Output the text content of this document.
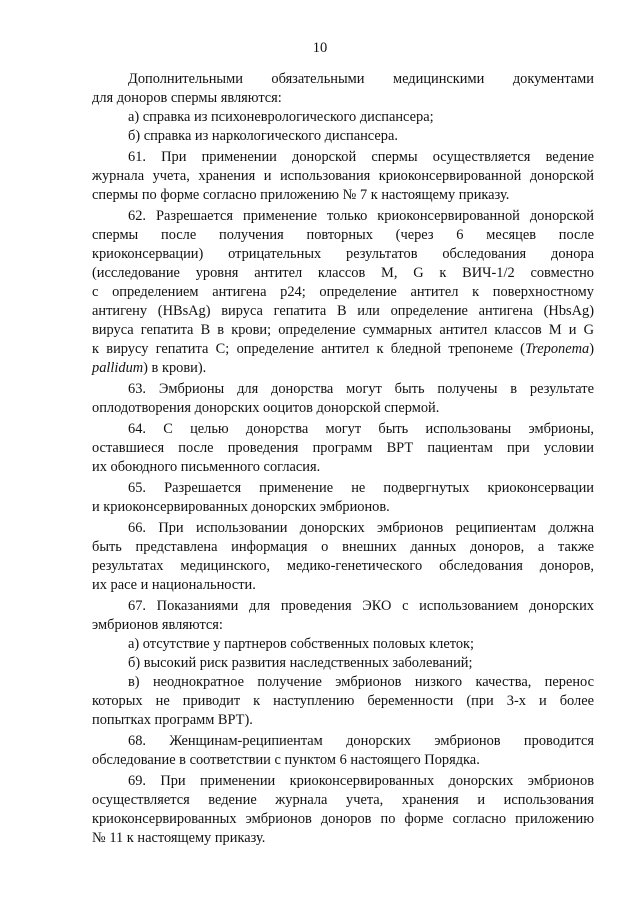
10
Дополнительными обязательными медицинскими документами
для доноров спермы являются:
а) справка из психоневрологического диспансера;
б) справка из наркологического диспансера.
61. При применении донорской спермы осуществляется ведение
журнала учета, хранения и использования криоконсервированной донорской
спермы по форме согласно приложению № 7 к настоящему приказу.
62. Разрешается применение только криоконсервированной донорской
спермы после получения повторных (через 6 месяцев после
криоконсервации) отрицательных результатов обследования донора
(исследование уровня антител классов M, G к ВИЧ-1/2 совместно
с определением антигена p24; определение антител к поверхностному
антигену (HBsAg) вируса гепатита B или определение антигена (HbsAg)
вируса гепатита B в крови; определение суммарных антител классов M и G
к вирусу гепатита C; определение антител к бледной трепонеме (Treponema)
pallidum) в крови).
63. Эмбрионы для донорства могут быть получены в результате
оплодотворения донорских ооцитов донорской спермой.
64. С целью донорства могут быть использованы эмбрионы,
оставшиеся после проведения программ ВРТ пациентам при условии
их обоюдного письменного согласия.
65. Разрешается применение не подвергнутых криоконсервации
и криоконсервированных донорских эмбрионов.
66. При использовании донорских эмбрионов реципиентам должна
быть представлена информация о внешних данных доноров, а также
результатах медицинского, медико-генетического обследования доноров,
их расе и национальности.
67. Показаниями для проведения ЭКО с использованием донорских
эмбрионов являются:
а) отсутствие у партнеров собственных половых клеток;
б) высокий риск развития наследственных заболеваний;
в) неоднократное получение эмбрионов низкого качества, перенос
которых не приводит к наступлению беременности (при 3-х и более
попытках программ ВРТ).
68. Женщинам-реципиентам донорских эмбрионов проводится
обследование в соответствии с пунктом 6 настоящего Порядка.
69. При применении криоконсервированных донорских эмбрионов
осуществляется ведение журнала учета, хранения и использования
криоконсервированных эмбрионов доноров по форме согласно приложению
№ 11 к настоящему приказу.
